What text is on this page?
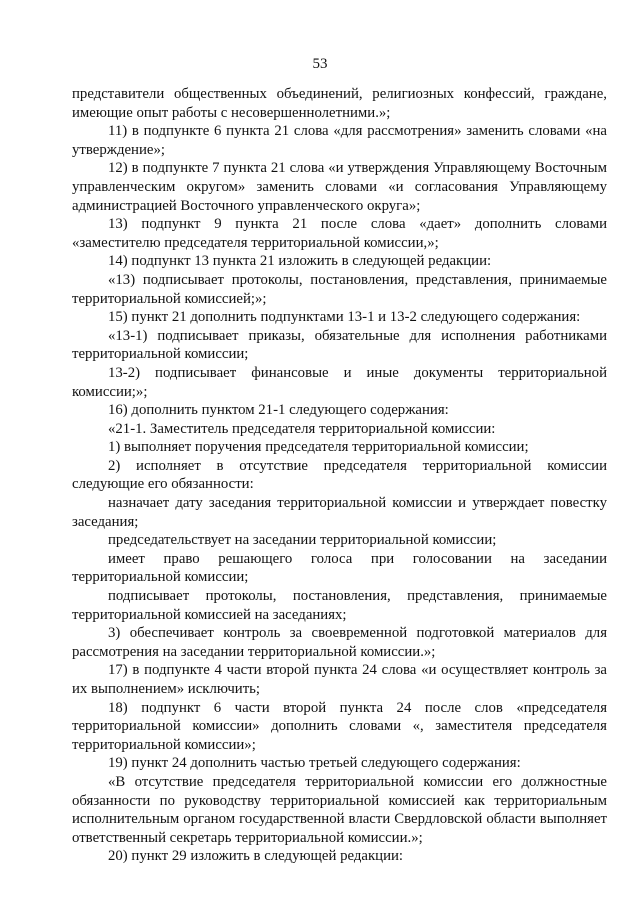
53

представители общественных объединений, религиозных конфессий, граждане, имеющие опыт работы с несовершеннолетними.»;

11) в подпункте 6 пункта 21 слова «для рассмотрения» заменить словами «на утверждение»;

12) в подпункте 7 пункта 21 слова «и утверждения Управляющему Восточным управленческим округом» заменить словами «и согласования Управляющему администрацией Восточного управленческого округа»;

13) подпункт 9 пункта 21 после слова «дает» дополнить словами «заместителю председателя территориальной комиссии,»;

14) подпункт 13 пункта 21 изложить в следующей редакции:

«13) подписывает протоколы, постановления, представления, принимаемые территориальной комиссией;»;

15) пункт 21 дополнить подпунктами 13-1 и 13-2 следующего содержания:

«13-1) подписывает приказы, обязательные для исполнения работниками территориальной комиссии;

13-2) подписывает финансовые и иные документы территориальной комиссии;»;

16) дополнить пунктом 21-1 следующего содержания:

«21-1. Заместитель председателя территориальной комиссии:

1) выполняет поручения председателя территориальной комиссии;

2) исполняет в отсутствие председателя территориальной комиссии следующие его обязанности:

назначает дату заседания территориальной комиссии и утверждает повестку заседания;

председательствует на заседании территориальной комиссии;

имеет право решающего голоса при голосовании на заседании территориальной комиссии;

подписывает протоколы, постановления, представления, принимаемые территориальной комиссией на заседаниях;

3) обеспечивает контроль за своевременной подготовкой материалов для рассмотрения на заседании территориальной комиссии.»;

17) в подпункте 4 части второй пункта 24 слова «и осуществляет контроль за их выполнением» исключить;

18) подпункт 6 части второй пункта 24 после слов «председателя территориальной комиссии» дополнить словами «, заместителя председателя территориальной комиссии»;

19) пункт 24 дополнить частью третьей следующего содержания:

«В отсутствие председателя территориальной комиссии его должностные обязанности по руководству территориальной комиссией как территориальным исполнительным органом государственной власти Свердловской области выполняет ответственный секретарь территориальной комиссии.»;

20) пункт 29 изложить в следующей редакции:
